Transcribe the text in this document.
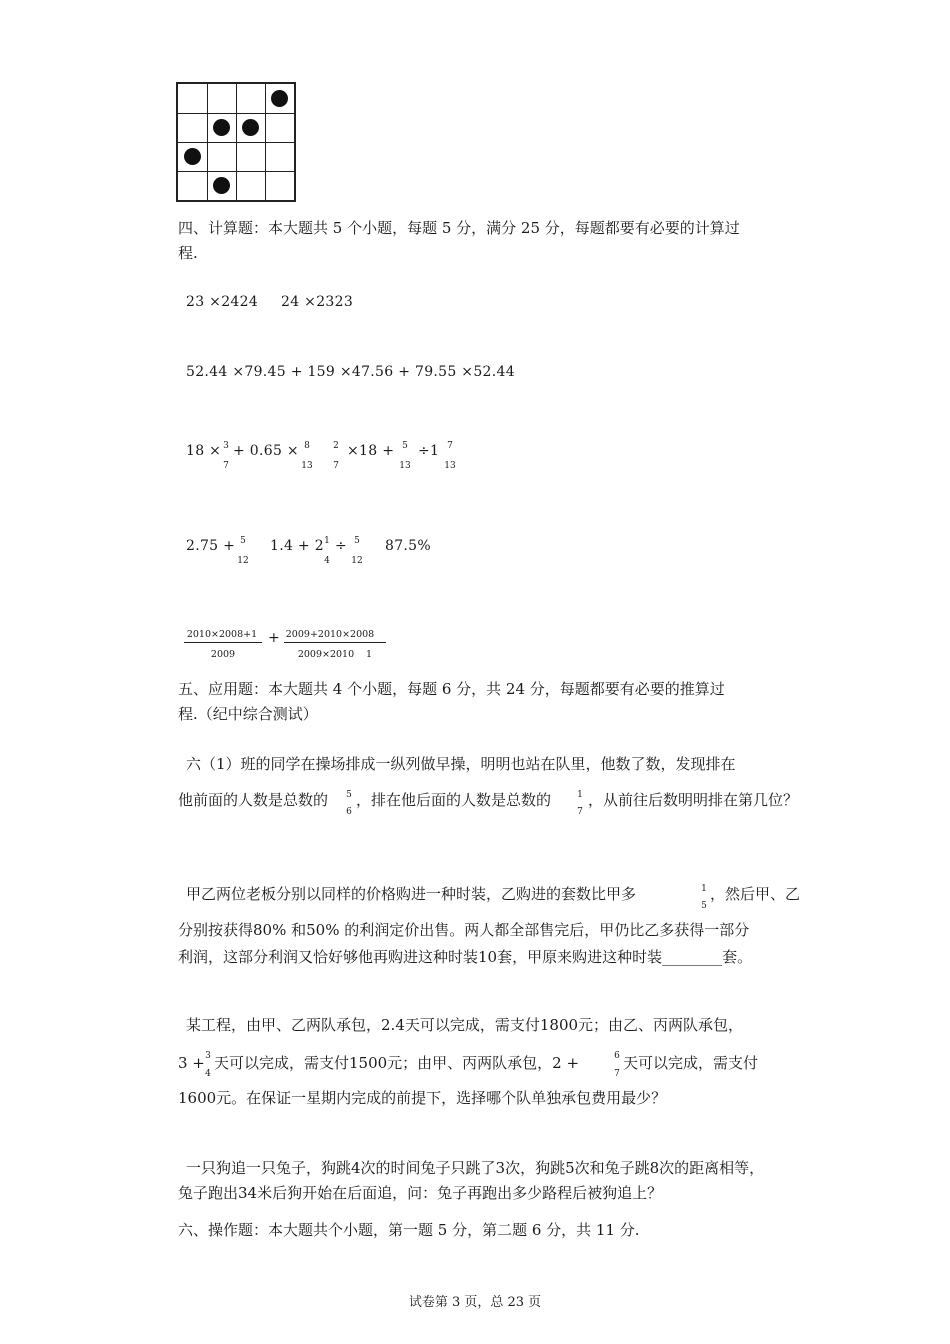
四、计算题：本大题共 5 个小题，每题 5 分，满分 25 分，每题都要有必要的计算过
程.
23 ×2424 24 ×2323
52.44 ×79.45 + 159 ×47.56 + 79.55 ×52.44
18 × 3
7
+ 0.65 × 8
13
2
7
×18 + 5
13
÷1 7
13
2.75 + 5
12
1.4 + 2 1
4
÷ 5
12
87.5%
2010×2008+1
2009
+ 2009+2010×2008
2009×2010	1
五、应用题：本大题共 4 个小题，每题 6 分，共 24 分，每题都要有必要的推算过
程.（纪中综合测试）
六（1）班的同学在操场排成一纵列做早操，明明也站在队里，他数了数，发现排在
他前面的人数是总数的 5
6
，排在他后面的人数是总数的	1
7
，从前往后数明明排在第几位？
甲乙两位老板分别以同样的价格购进一种时装，乙购进的套数比甲多	1
5
，然后甲、乙
分别按获得80% 和50% 的利润定价出售。两人都全部售完后，甲仍比乙多获得一部分
利润，这部分利润又恰好够他再购进这种时装10套，甲原来购进这种时装________套。
某工程，由甲、乙两队承包，2.4天可以完成，需支付1800元；由乙、丙两队承包，
3 + 3
4
天可以完成，需支付1500元；由甲、丙两队承包，2 +	6
7
天可以完成，需支付
1600元。在保证一星期内完成的前提下，选择哪个队单独承包费用最少？
一只狗追一只兔子，狗跳4次的时间兔子只跳了3次，狗跳5次和兔子跳8次的距离相等，
兔子跑出34米后狗开始在后面追，问：兔子再跑出多少路程后被狗追上？
六、操作题：本大题共个小题，第一题 5 分，第二题 6 分，共 11 分.
试卷第 3 页，总 23 页
